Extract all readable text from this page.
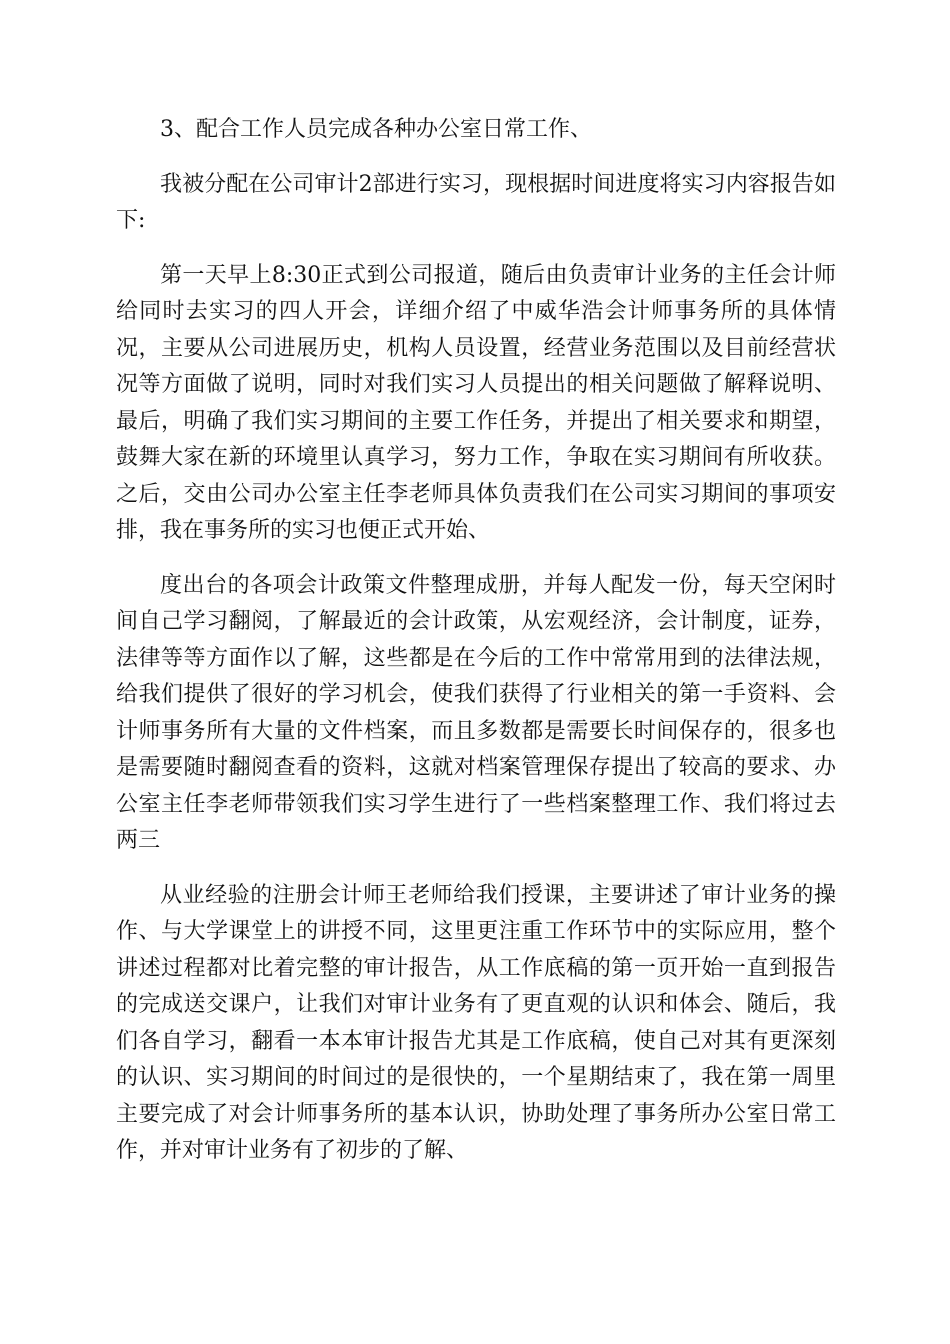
3、配合工作人员完成各种办公室日常工作、

我被分配在公司审计2部进行实习，现根据时间进度将实习内容报告如下:

第一天早上8:30正式到公司报道，随后由负责审计业务的主任会计师给同时去实习的四人开会，详细介绍了中威华浩会计师事务所的具体情况，主要从公司进展历史，机构人员设置，经营业务范围以及目前经营状况等方面做了说明，同时对我们实习人员提出的相关问题做了解释说明、最后，明确了我们实习期间的主要工作任务，并提出了相关要求和期望，鼓舞大家在新的环境里认真学习，努力工作，争取在实习期间有所收获。之后，交由公司办公室主任李老师具体负责我们在公司实习期间的事项安排，我在事务所的实习也便正式开始、

度出台的各项会计政策文件整理成册，并每人配发一份，每天空闲时间自己学习翻阅，了解最近的会计政策，从宏观经济，会计制度，证券，法律等等方面作以了解，这些都是在今后的工作中常常用到的法律法规，给我们提供了很好的学习机会，使我们获得了行业相关的第一手资料、会计师事务所有大量的文件档案，而且多数都是需要长时间保存的，很多也是需要随时翻阅查看的资料，这就对档案管理保存提出了较高的要求、办公室主任李老师带领我们实习学生进行了一些档案整理工作、我们将过去两三

从业经验的注册会计师王老师给我们授课，主要讲述了审计业务的操作、与大学课堂上的讲授不同，这里更注重工作环节中的实际应用，整个讲述过程都对比着完整的审计报告，从工作底稿的第一页开始一直到报告的完成送交课户，让我们对审计业务有了更直观的认识和体会、随后，我们各自学习，翻看一本本审计报告尤其是工作底稿，使自己对其有更深刻的认识、实习期间的时间过的是很快的，一个星期结束了，我在第一周里主要完成了对会计师事务所的基本认识，协助处理了事务所办公室日常工作，并对审计业务有了初步的了解、
